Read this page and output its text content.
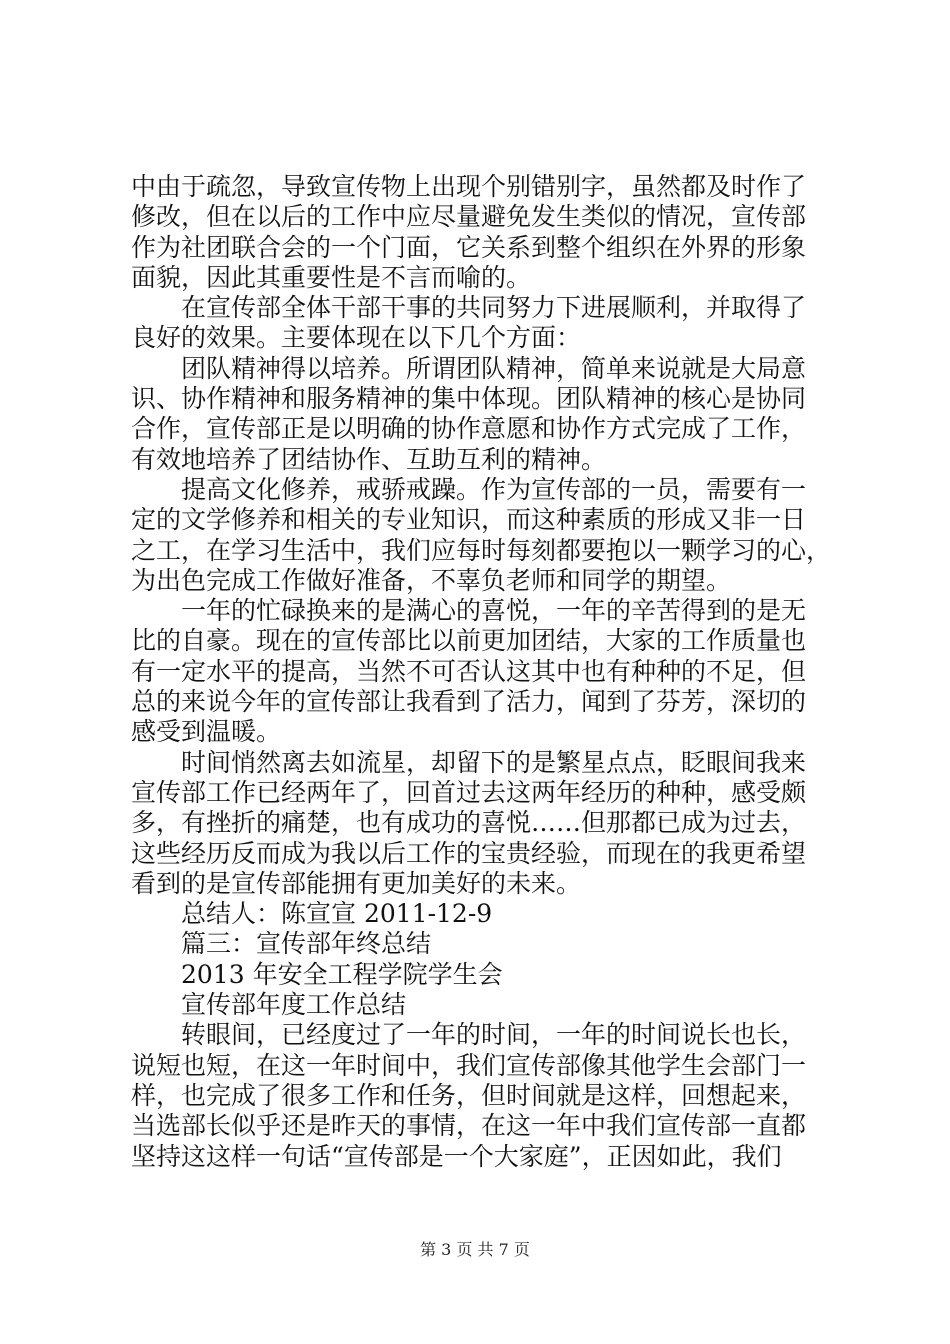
中由于疏忽，导致宣传物上出现个别错别字，虽然都及时作了
修改，但在以后的工作中应尽量避免发生类似的情况，宣传部
作为社团联合会的一个门面，它关系到整个组织在外界的形象
面貌，因此其重要性是不言而喻的。
在宣传部全体干部干事的共同努力下进展顺利，并取得了
良好的效果。主要体现在以下几个方面：
团队精神得以培养。所谓团队精神，简单来说就是大局意
识、协作精神和服务精神的集中体现。团队精神的核心是协同
合作，宣传部正是以明确的协作意愿和协作方式完成了工作，
有效地培养了团结协作、互助互利的精神。
提高文化修养，戒骄戒躁。作为宣传部的一员，需要有一
定的文学修养和相关的专业知识，而这种素质的形成又非一日
之工，在学习生活中，我们应每时每刻都要抱以一颗学习的心，
为出色完成工作做好准备，不辜负老师和同学的期望。
一年的忙碌换来的是满心的喜悦，一年的辛苦得到的是无
比的自豪。现在的宣传部比以前更加团结，大家的工作质量也
有一定水平的提高，当然不可否认这其中也有种种的不足，但
总的来说今年的宣传部让我看到了活力，闻到了芬芳，深切的
感受到温暖。
时间悄然离去如流星，却留下的是繁星点点，眨眼间我来
宣传部工作已经两年了，回首过去这两年经历的种种，感受颇
多，有挫折的痛楚，也有成功的喜悦……但那都已成为过去，
这些经历反而成为我以后工作的宝贵经验，而现在的我更希望
看到的是宣传部能拥有更加美好的未来。
总结人：陈宣宣 2011-12-9
篇三：宣传部年终总结
2013 年安全工程学院学生会
宣传部年度工作总结
转眼间，已经度过了一年的时间，一年的时间说长也长，
说短也短，在这一年时间中，我们宣传部像其他学生会部门一
样，也完成了很多工作和任务，但时间就是这样，回想起来，
当选部长似乎还是昨天的事情，在这一年中我们宣传部一直都
坚持这这样一句话“宣传部是一个大家庭”，正因如此，我们
第 3 页 共 7 页
